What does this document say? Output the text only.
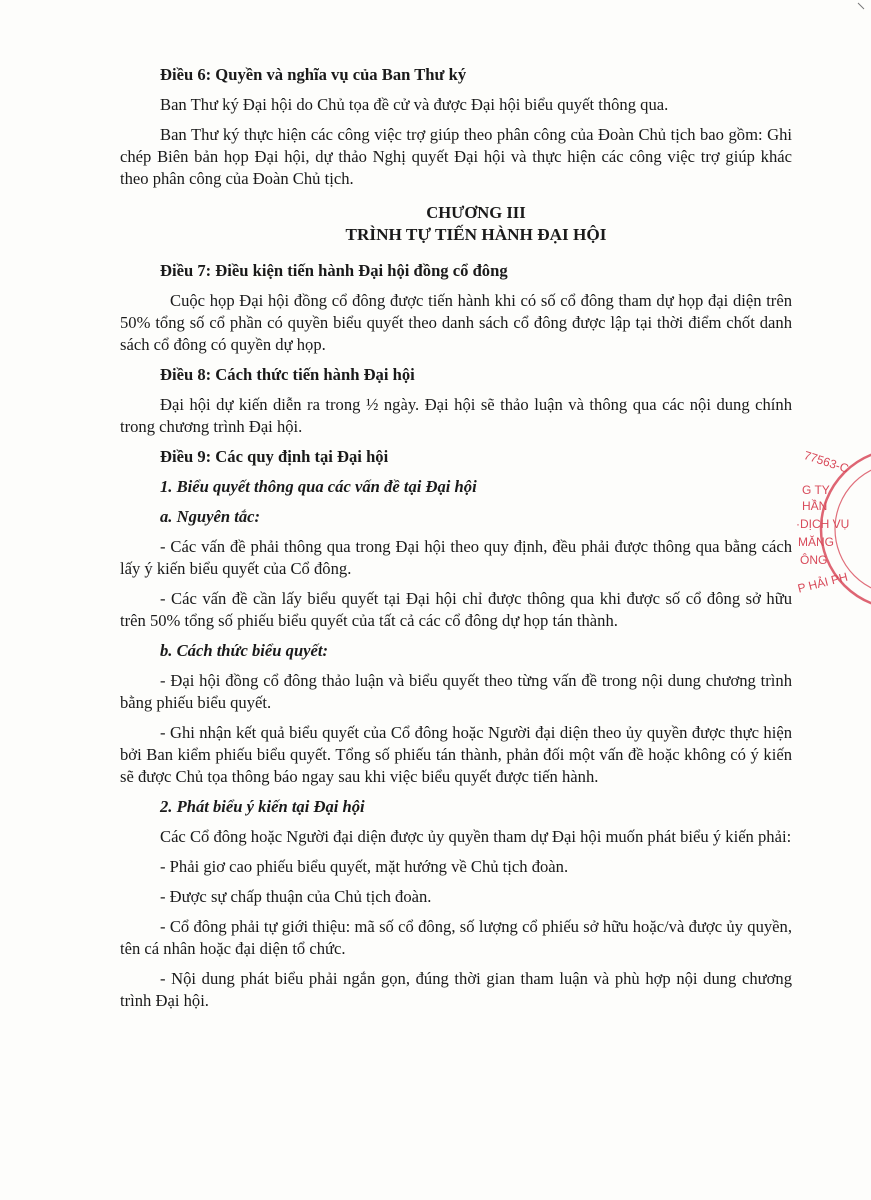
Điều 6: Quyền và nghĩa vụ của Ban Thư ký
Ban Thư ký Đại hội do Chủ tọa đề cử và được Đại hội biểu quyết thông qua.
Ban Thư ký thực hiện các công việc trợ giúp theo phân công của Đoàn Chủ tịch bao gồm: Ghi chép Biên bản họp Đại hội, dự thảo Nghị quyết Đại hội và thực hiện các công việc trợ giúp khác theo phân công của Đoàn Chủ tịch.
CHƯƠNG III
TRÌNH TỰ TIẾN HÀNH ĐẠI HỘI
Điều 7: Điều kiện tiến hành Đại hội đồng cổ đông
Cuộc họp Đại hội đồng cổ đông được tiến hành khi có số cổ đông tham dự họp đại diện trên 50% tổng số cổ phần có quyền biểu quyết theo danh sách cổ đông được lập tại thời điểm chốt danh sách cổ đông có quyền dự họp.
Điều 8: Cách thức tiến hành Đại hội
Đại hội dự kiến diễn ra trong ½ ngày. Đại hội sẽ thảo luận và thông qua các nội dung chính trong chương trình Đại hội.
Điều 9: Các quy định tại Đại hội
1. Biểu quyết thông qua các vấn đề tại Đại hội
a. Nguyên tắc:
- Các vấn đề phải thông qua trong Đại hội theo quy định, đều phải được thông qua bằng cách lấy ý kiến biểu quyết của Cổ đông.
- Các vấn đề cần lấy biểu quyết tại Đại hội chỉ được thông qua khi được số cổ đông sở hữu trên 50% tổng số phiếu biểu quyết của tất cả các cổ đông dự họp tán thành.
b. Cách thức biểu quyết:
- Đại hội đồng cổ đông thảo luận và biểu quyết theo từng vấn đề trong nội dung chương trình bằng phiếu biểu quyết.
- Ghi nhận kết quả biểu quyết của Cổ đông hoặc Người đại diện theo ủy quyền được thực hiện bởi Ban kiểm phiếu biểu quyết. Tổng số phiếu tán thành, phản đối một vấn đề hoặc không có ý kiến sẽ được Chủ tọa thông báo ngay sau khi việc biểu quyết được tiến hành.
2. Phát biểu ý kiến tại Đại hội
Các Cổ đông hoặc Người đại diện được ủy quyền tham dự Đại hội muốn phát biểu ý kiến phải:
- Phải giơ cao phiếu biểu quyết, mặt hướng về Chủ tịch đoàn.
- Được sự chấp thuận của Chủ tịch đoàn.
- Cổ đông phải tự giới thiệu: mã số cổ đông, số lượng cổ phiếu sở hữu hoặc/và được ủy quyền, tên cá nhân hoặc đại diện tổ chức.
- Nội dung phát biểu phải ngắn gọn, đúng thời gian tham luận và phù hợp nội dung chương trình Đại hội.
77563-C
G TY
HẦN
·DỊCH VỤ
MĂNG
ÔNG
P HẢI PH
